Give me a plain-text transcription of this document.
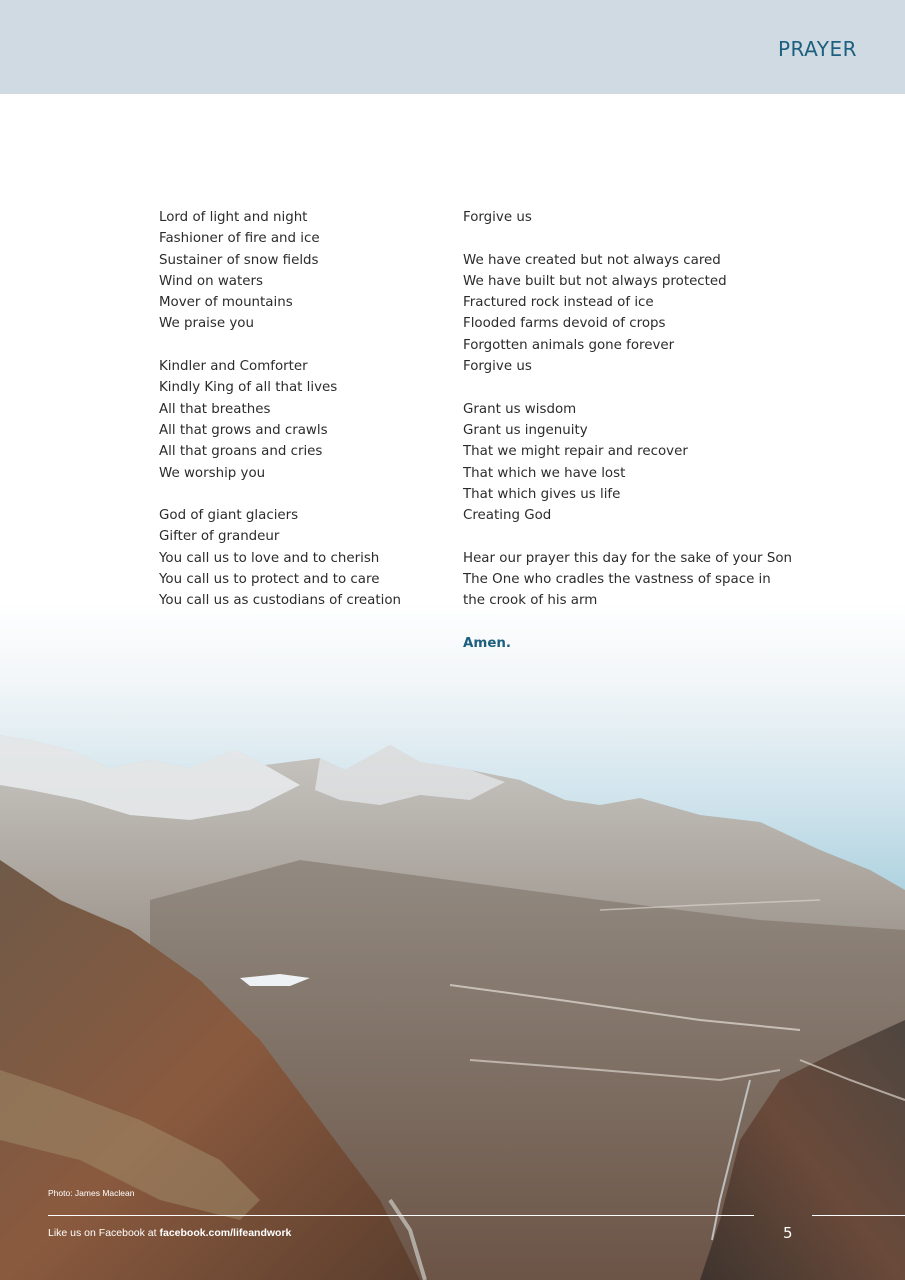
PRAYER
Lord of light and night
Fashioner of fire and ice
Sustainer of snow fields
Wind on waters
Mover of mountains
We praise you
Kindler and Comforter
Kindly King of all that lives
All that breathes
All that grows and crawls
All that groans and cries
We worship you
God of giant glaciers
Gifter of grandeur
You call us to love and to cherish
You call us to protect and to care
You call us as custodians of creation
Forgive us
We have created but not always cared
We have built but not always protected
Fractured rock instead of ice
Flooded farms devoid of crops
Forgotten animals gone forever
Forgive us
Grant us wisdom
Grant us ingenuity
That we might repair and recover
That which we have lost
That which gives us life
Creating God
Hear our prayer this day for the sake of your Son
The One who cradles the vastness of space in the crook of his arm
Amen.
Photo: James Maclean
Like us on Facebook at facebook.com/lifeandwork	5
